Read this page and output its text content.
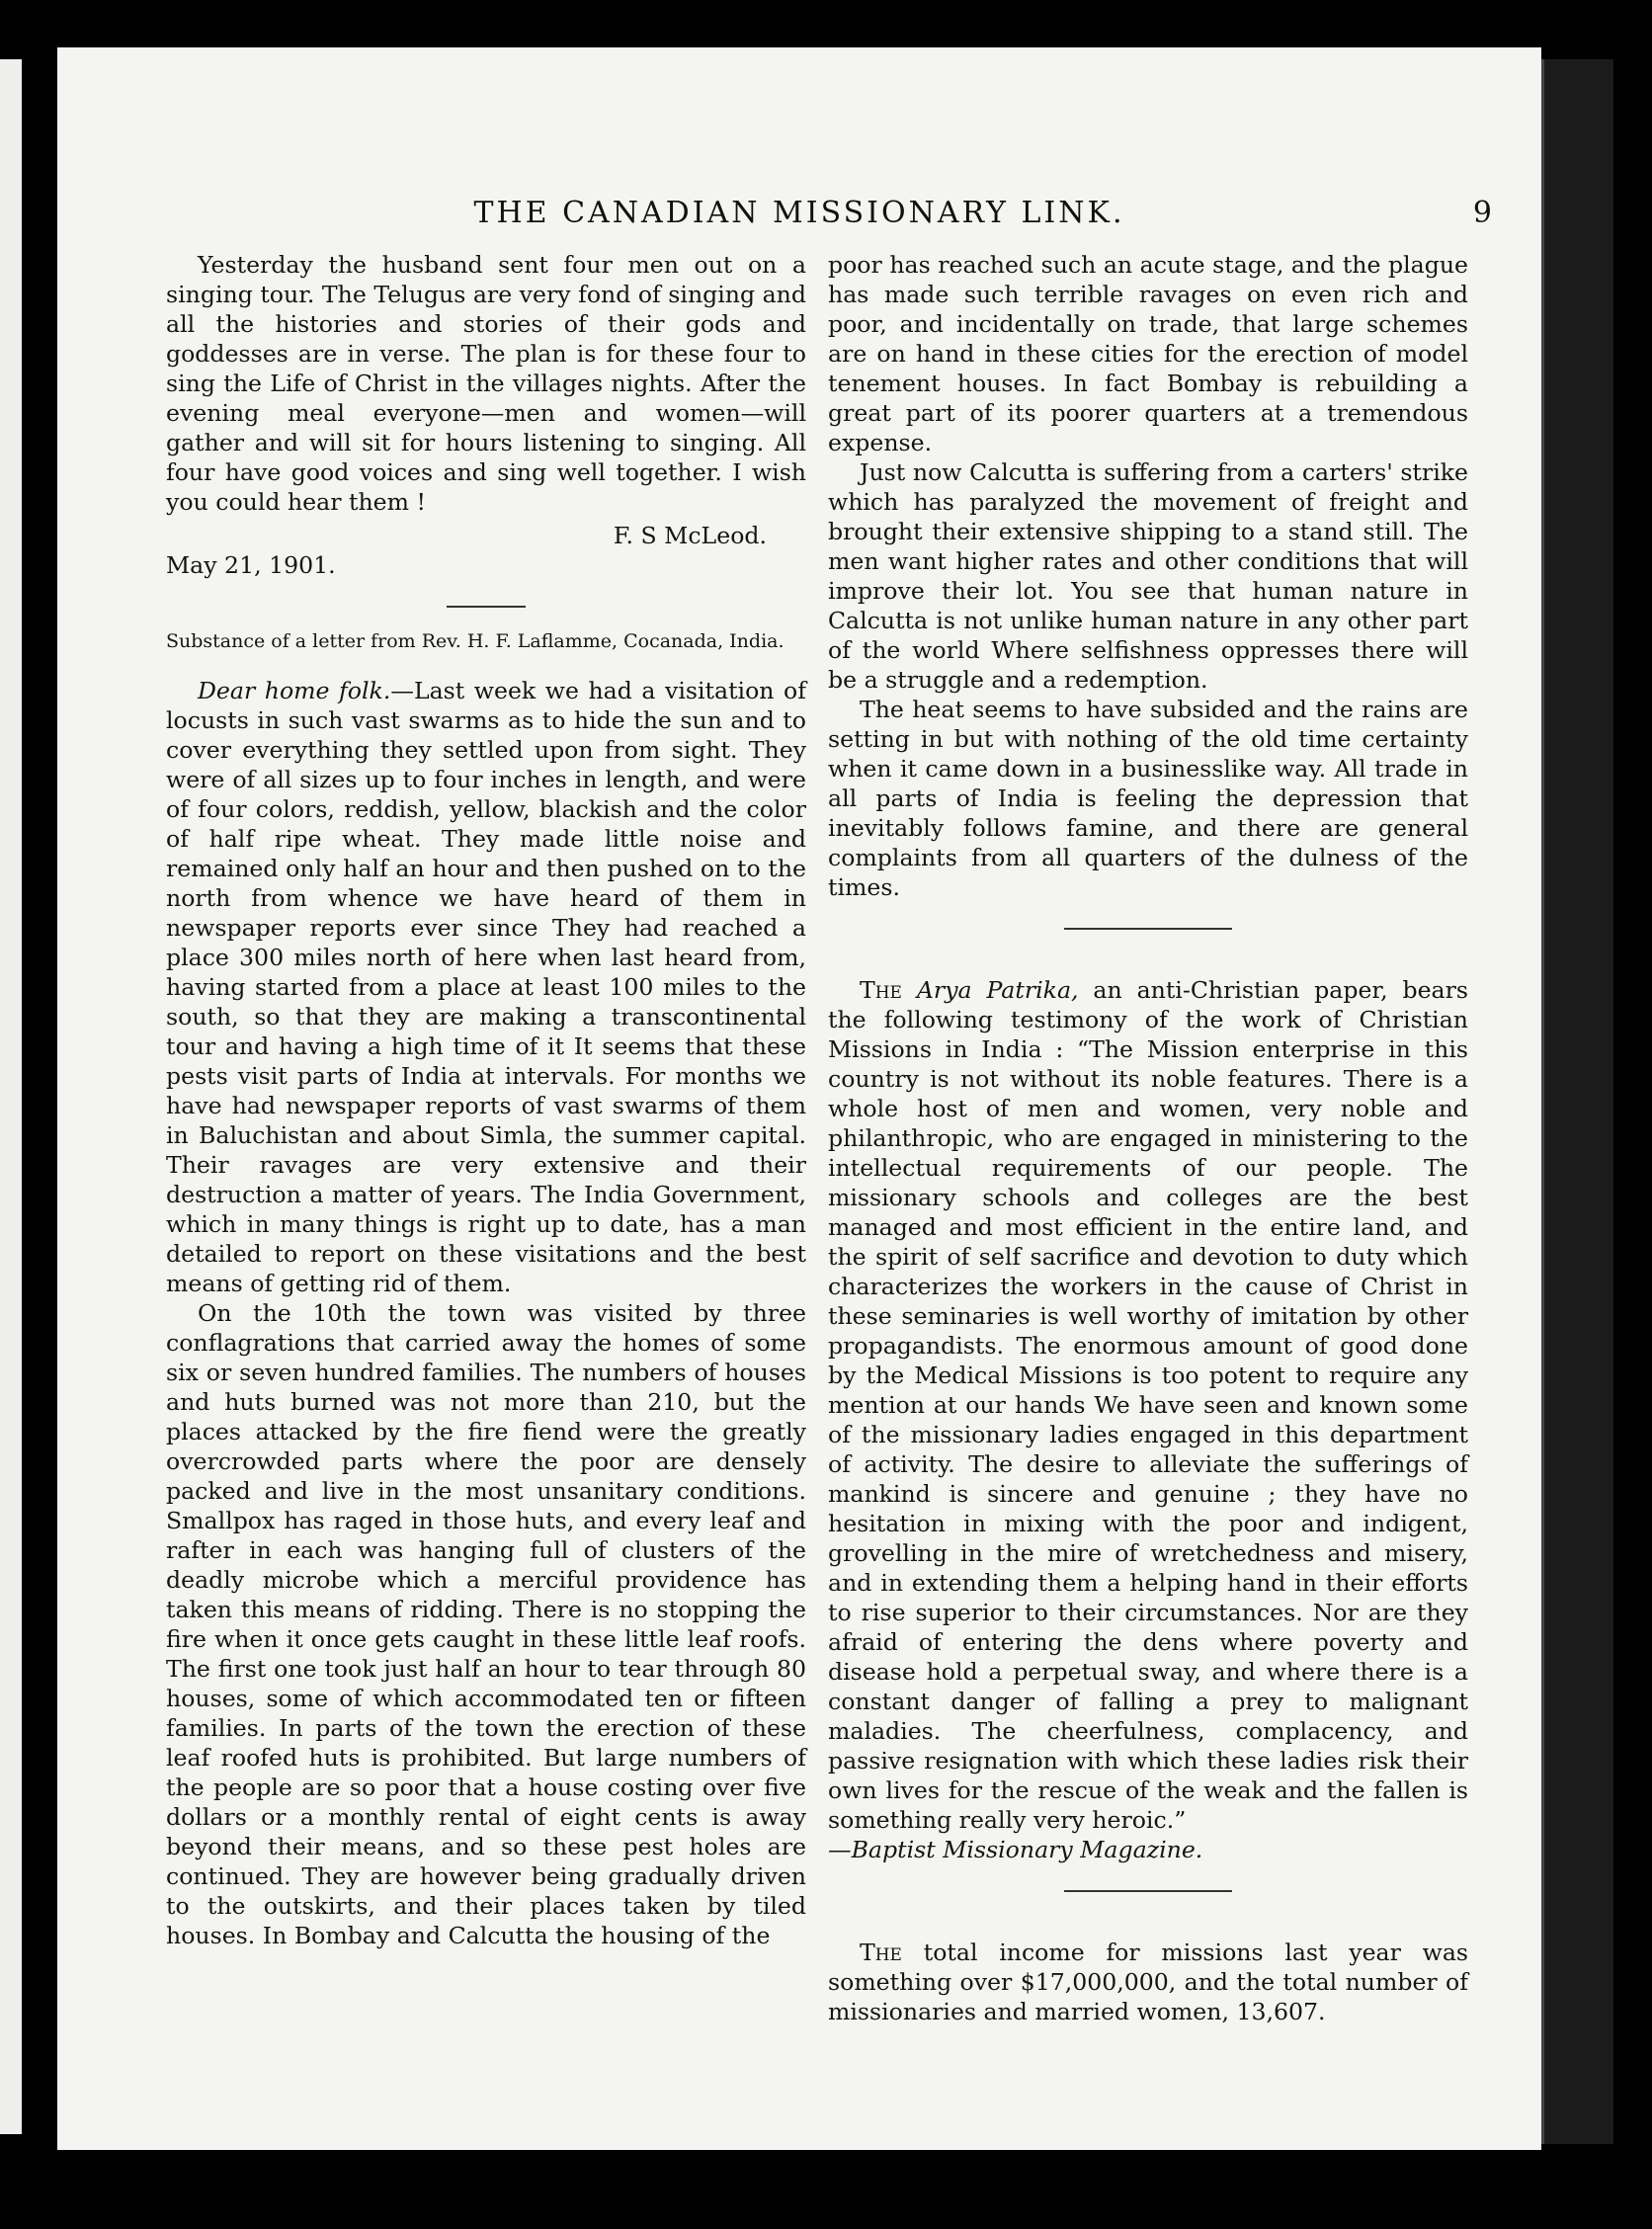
THE CANADIAN MISSIONARY LINK.	9

Yesterday the husband sent four men out on a singing tour. The Telugus are very fond of singing and all the histories and stories of their gods and goddesses are in verse. The plan is for these four to sing the Life of Christ in the villages nights. After the evening meal everyone—men and women—will gather and will sit for hours listening to singing. All four have good voices and sing well together. I wish you could hear them !

F. S McLeod.

May 21, 1901.

Substance of a letter from Rev. H. F. Laflamme, Cocanada, India.

Dear home folk.—Last week we had a visitation of locusts in such vast swarms as to hide the sun and to cover everything they settled upon from sight. They were of all sizes up to four inches in length, and were of four colors, reddish, yellow, blackish and the color of half ripe wheat. They made little noise and remained only half an hour and then pushed on to the north from whence we have heard of them in newspaper reports ever since They had reached a place 300 miles north of here when last heard from, having started from a place at least 100 miles to the south, so that they are making a transcontinental tour and having a high time of it It seems that these pests visit parts of India at intervals. For months we have had newspaper reports of vast swarms of them in Baluchistan and about Simla, the summer capital. Their ravages are very extensive and their destruction a matter of years. The India Government, which in many things is right up to date, has a man detailed to report on these visitations and the best means of getting rid of them.

On the 10th the town was visited by three conflagrations that carried away the homes of some six or seven hundred families. The numbers of houses and huts burned was not more than 210, but the places attacked by the fire fiend were the greatly overcrowded parts where the poor are densely packed and live in the most unsanitary conditions. Smallpox has raged in those huts, and every leaf and rafter in each was hanging full of clusters of the deadly microbe which a merciful providence has taken this means of ridding. There is no stopping the fire when it once gets caught in these little leaf roofs. The first one took just half an hour to tear through 80 houses, some of which accommodated ten or fifteen families. In parts of the town the erection of these leaf roofed huts is prohibited. But large numbers of the people are so poor that a house costing over five dollars or a monthly rental of eight cents is away beyond their means, and so these pest holes are continued. They are however being gradually driven to the outskirts, and their places taken by tiled houses. In Bombay and Calcutta the housing of the

poor has reached such an acute stage, and the plague has made such terrible ravages on even rich and poor, and incidentally on trade, that large schemes are on hand in these cities for the erection of model tenement houses. In fact Bombay is rebuilding a great part of its poorer quarters at a tremendous expense.

Just now Calcutta is suffering from a carters' strike which has paralyzed the movement of freight and brought their extensive shipping to a stand still. The men want higher rates and other conditions that will improve their lot. You see that human nature in Calcutta is not unlike human nature in any other part of the world Where selfishness oppresses there will be a struggle and a redemption.

The heat seems to have subsided and the rains are setting in but with nothing of the old time certainty when it came down in a businesslike way. All trade in all parts of India is feeling the depression that inevitably follows famine, and there are general complaints from all quarters of the dulness of the times.

The Arya Patrika, an anti-Christian paper, bears the following testimony of the work of Christian Missions in India : “The Mission enterprise in this country is not without its noble features. There is a whole host of men and women, very noble and philanthropic, who are engaged in ministering to the intellectual requirements of our people. The missionary schools and colleges are the best managed and most efficient in the entire land, and the spirit of self sacrifice and devotion to duty which characterizes the workers in the cause of Christ in these seminaries is well worthy of imitation by other propagandists. The enormous amount of good done by the Medical Missions is too potent to require any mention at our hands We have seen and known some of the missionary ladies engaged in this department of activity. The desire to alleviate the sufferings of mankind is sincere and genuine ; they have no hesitation in mixing with the poor and indigent, grovelling in the mire of wretchedness and misery, and in extending them a helping hand in their efforts to rise superior to their circumstances. Nor are they afraid of entering the dens where poverty and disease hold a perpetual sway, and where there is a constant danger of falling a prey to malignant maladies. The cheerfulness, complacency, and passive resignation with which these ladies risk their own lives for the rescue of the weak and the fallen is something really very heroic.”
—Baptist Missionary Magazine.

The total income for missions last year was something over $17,000,000, and the total number of missionaries and married women, 13,607.
